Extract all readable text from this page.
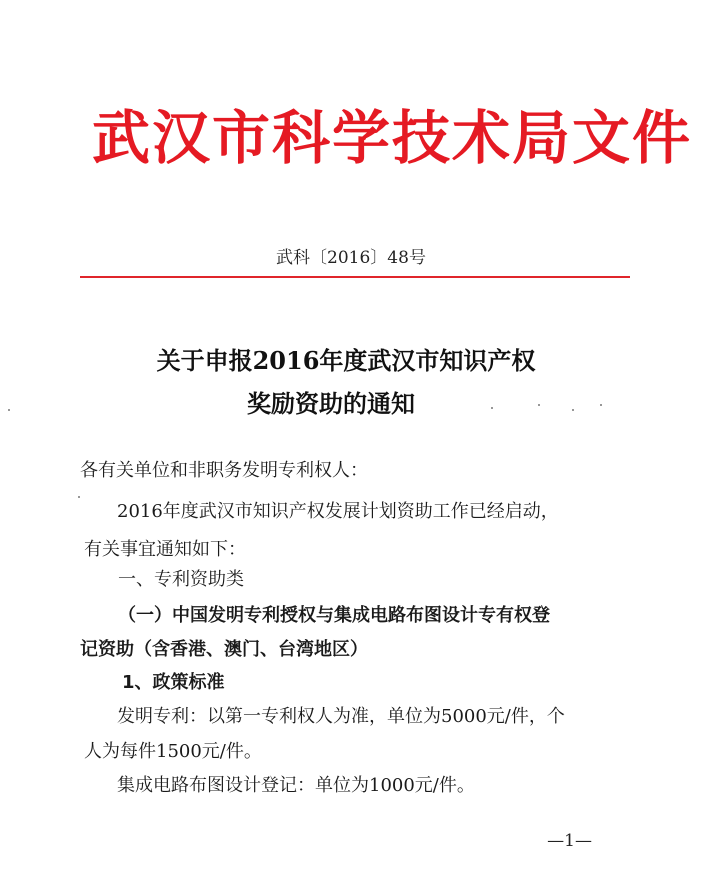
武汉市科学技术局文件
武科〔2016〕48号
关于申报2016年度武汉市知识产权
奖励资助的通知
各有关单位和非职务发明专利权人：
2016年度武汉市知识产权发展计划资助工作已经启动，
有关事宜通知如下：
一、专利资助类
（一）中国发明专利授权与集成电路布图设计专有权登
记资助（含香港、澳门、台湾地区）
1、政策标准
发明专利：以第一专利权人为准，单位为5000元/件，个
人为每件1500元/件。
集成电路布图设计登记：单位为1000元/件。
—1—
